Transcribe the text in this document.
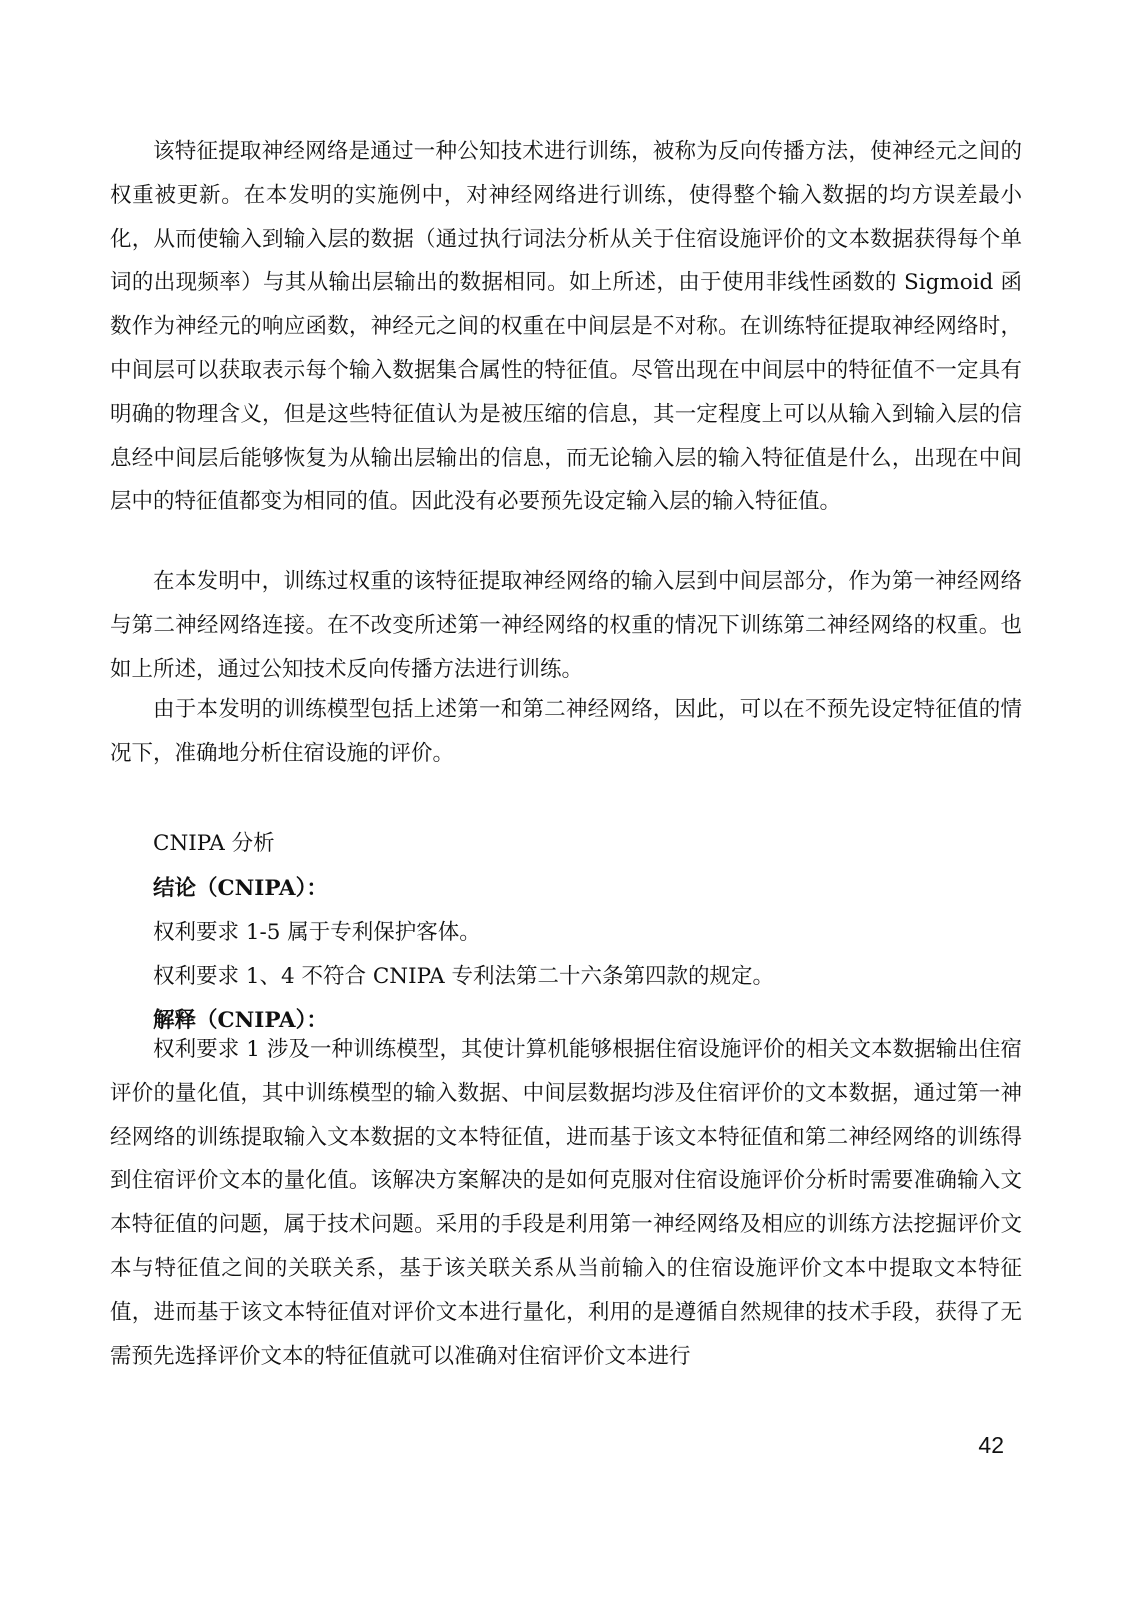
该特征提取神经网络是通过一种公知技术进行训练，被称为反向传播方法，使神经元之间的权重被更新。在本发明的实施例中，对神经网络进行训练，使得整个输入数据的均方误差最小化，从而使输入到输入层的数据（通过执行词法分析从关于住宿设施评价的文本数据获得每个单词的出现频率）与其从输出层输出的数据相同。如上所述，由于使用非线性函数的 Sigmoid 函数作为神经元的响应函数，神经元之间的权重在中间层是不对称。在训练特征提取神经网络时，中间层可以获取表示每个输入数据集合属性的特征值。尽管出现在中间层中的特征值不一定具有明确的物理含义，但是这些特征值认为是被压缩的信息，其一定程度上可以从输入到输入层的信息经中间层后能够恢复为从输出层输出的信息，而无论输入层的输入特征值是什么，出现在中间层中的特征值都变为相同的值。因此没有必要预先设定输入层的输入特征值。

在本发明中，训练过权重的该特征提取神经网络的输入层到中间层部分，作为第一神经网络与第二神经网络连接。在不改变所述第一神经网络的权重的情况下训练第二神经网络的权重。也如上所述，通过公知技术反向传播方法进行训练。

由于本发明的训练模型包括上述第一和第二神经网络，因此，可以在不预先设定特征值的情况下，准确地分析住宿设施的评价。

CNIPA 分析
结论（CNIPA）：
权利要求 1-5 属于专利保护客体。
权利要求 1、4 不符合 CNIPA 专利法第二十六条第四款的规定。
解释（CNIPA）：

权利要求 1 涉及一种训练模型，其使计算机能够根据住宿设施评价的相关文本数据输出住宿评价的量化值，其中训练模型的输入数据、中间层数据均涉及住宿评价的文本数据，通过第一神经网络的训练提取输入文本数据的文本特征值，进而基于该文本特征值和第二神经网络的训练得到住宿评价文本的量化值。该解决方案解决的是如何克服对住宿设施评价分析时需要准确输入文本特征值的问题，属于技术问题。采用的手段是利用第一神经网络及相应的训练方法挖掘评价文本与特征值之间的关联关系，基于该关联关系从当前输入的住宿设施评价文本中提取文本特征值，进而基于该文本特征值对评价文本进行量化，利用的是遵循自然规律的技术手段，获得了无需预先选择评价文本的特征值就可以准确对住宿评价文本进行

42
